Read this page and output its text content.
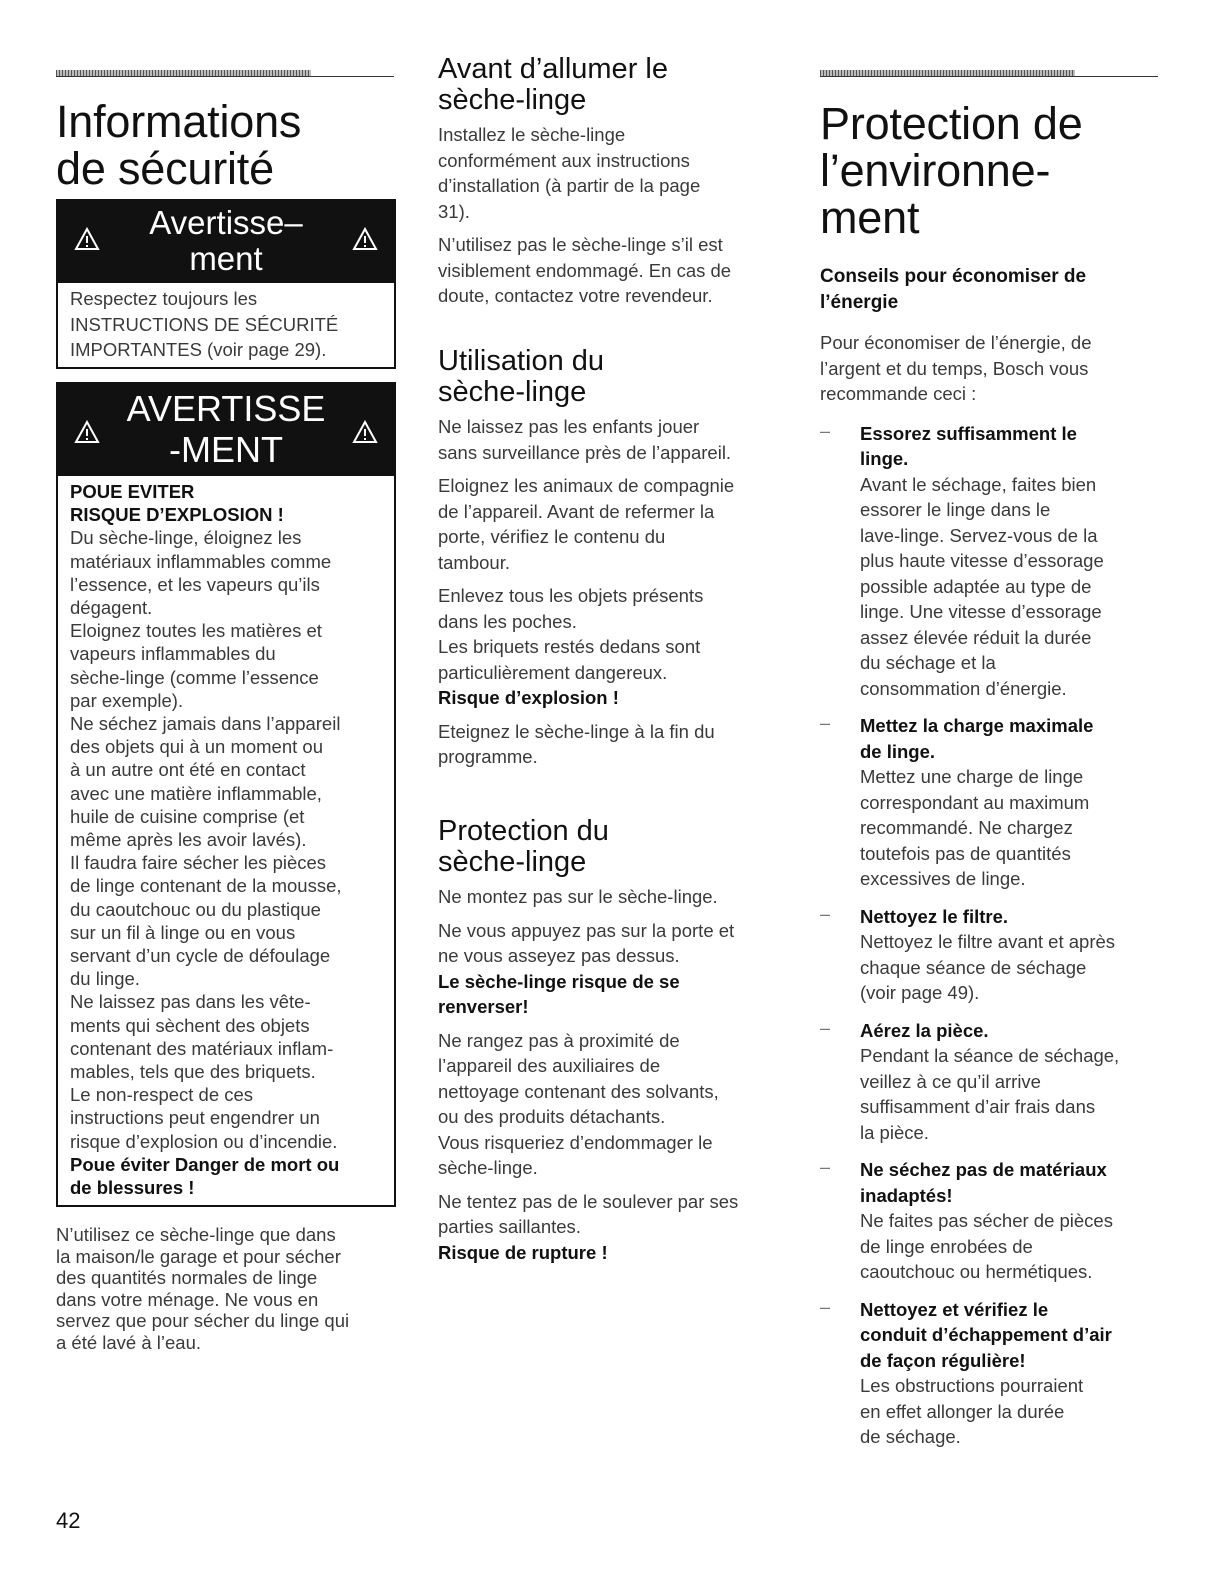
Informations
de sécurité
Avertisse–
ment
Respectez toujours les
INSTRUCTIONS DE SÉCURITÉ
IMPORTANTES (voir page 29).
AVERTISSE
-MENT
POUE EVITER
RISQUE D’EXPLOSION !
Du sèche-linge, éloignez les
matériaux inflammables comme
l’essence, et les vapeurs qu’ils
dégagent.
Eloignez toutes les matières et
vapeurs inflammables du
sèche-linge (comme l’essence
par exemple).
Ne séchez jamais dans l’appareil
des objets qui à un moment ou
à un autre ont été en contact
avec une matière inflammable,
huile de cuisine comprise (et
même après les avoir lavés).
Il faudra faire sécher les pièces
de linge contenant de la mousse,
du caoutchouc ou du plastique
sur un fil à linge ou en vous
servant d’un cycle de défoulage
du linge.
Ne laissez pas dans les vête-
ments qui sèchent des objets
contenant des matériaux inflam-
mables, tels que des briquets.
Le non-respect de ces
instructions peut engendrer un
risque d’explosion ou d’incendie.
Poue éviter Danger de mort ou
de blessures !
N’utilisez ce sèche-linge que dans
la maison/le garage et pour sécher
des quantités normales de linge
dans votre ménage. Ne vous en
servez que pour sécher du linge qui
a été lavé à l’eau.
Avant d’allumer le
sèche-linge
Installez le sèche-linge
conformément aux instructions
d’installation (à partir de la page
31).
N’utilisez pas le sèche-linge s’il est
visiblement endommagé. En cas de
doute, contactez votre revendeur.
Utilisation du
sèche-linge
Ne laissez pas les enfants jouer
sans surveillance près de l’appareil.
Eloignez les animaux de compagnie
de l’appareil. Avant de refermer la
porte, vérifiez le contenu du
tambour.
Enlevez tous les objets présents
dans les poches.
Les briquets restés dedans sont
particulièrement dangereux.
Risque d’explosion !
Eteignez le sèche-linge à la fin du
programme.
Protection du
sèche-linge
Ne montez pas sur le sèche-linge.
Ne vous appuyez pas sur la porte et
ne vous asseyez pas dessus.
Le sèche-linge risque de se
renverser!
Ne rangez pas à proximité de
l’appareil des auxiliaires de
nettoyage contenant des solvants,
ou des produits détachants.
Vous risqueriez d’endommager le
sèche-linge.
Ne tentez pas de le soulever par ses
parties saillantes.
Risque de rupture !
Protection de
l’environne-
ment
Conseils pour économiser de
l’énergie
Pour économiser de l’énergie, de
l’argent et du temps, Bosch vous
recommande ceci :
– Essorez suffisamment le
linge.
Avant le séchage, faites bien
essorer le linge dans le
lave-linge. Servez-vous de la
plus haute vitesse d’essorage
possible adaptée au type de
linge. Une vitesse d’essorage
assez élevée réduit la durée
du séchage et la
consommation d’énergie.
– Mettez la charge maximale
de linge.
Mettez une charge de linge
correspondant au maximum
recommandé. Ne chargez
toutefois pas de quantités
excessives de linge.
– Nettoyez le filtre.
Nettoyez le filtre avant et après
chaque séance de séchage
(voir page 49).
– Aérez la pièce.
Pendant la séance de séchage,
veillez à ce qu’il arrive
suffisamment d’air frais dans
la pièce.
– Ne séchez pas de matériaux
inadaptés!
Ne faites pas sécher de pièces
de linge enrobées de
caoutchouc ou hermétiques.
– Nettoyez et vérifiez le
conduit d’échappement d’air
de façon régulière!
Les obstructions pourraient
en effet allonger la durée
de séchage.
42
